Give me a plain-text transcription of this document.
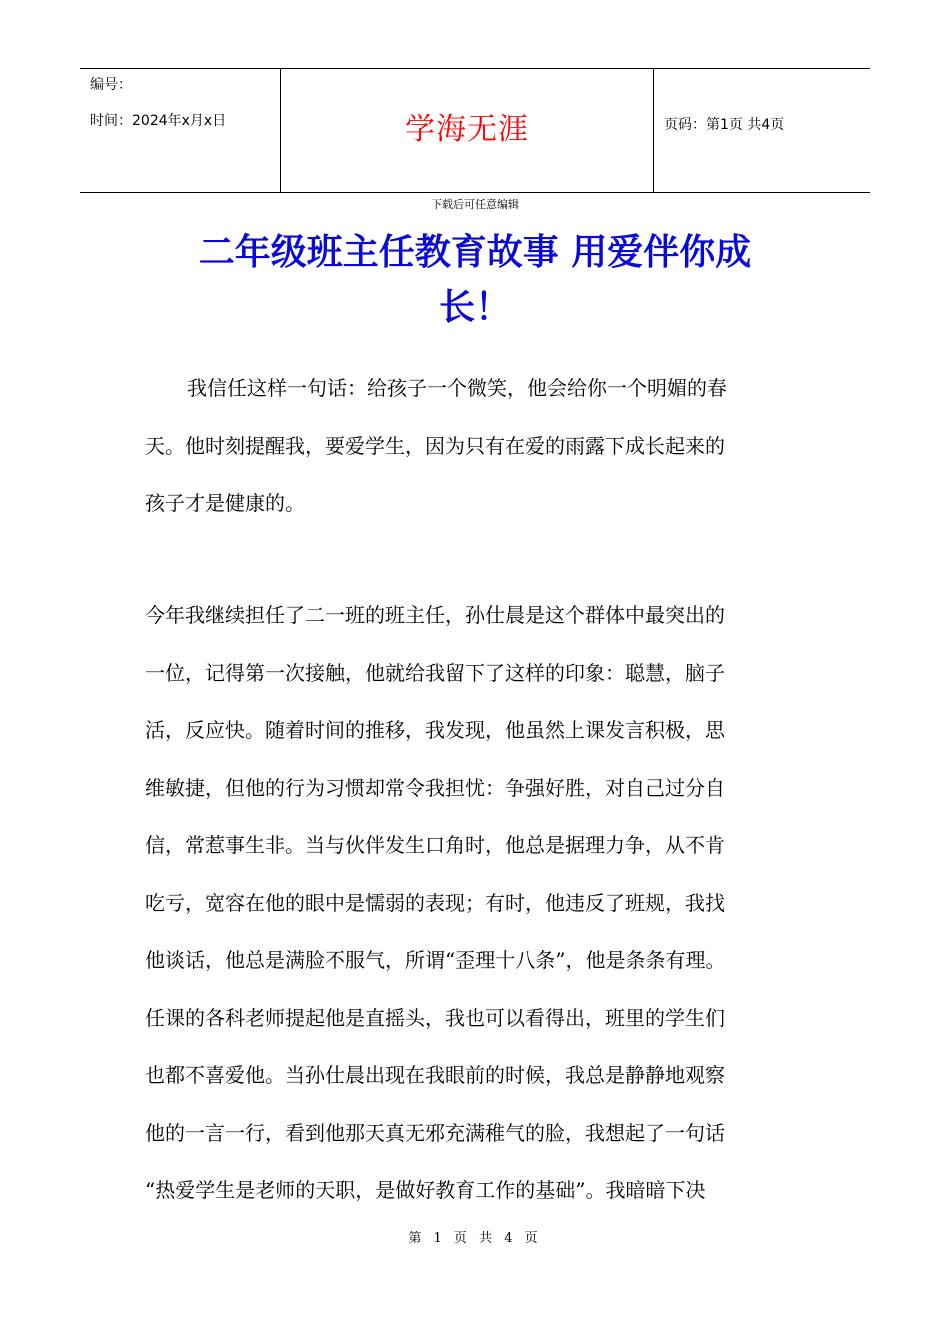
编号：
时间：2024年x月x日	学海无涯	页码：第1页 共4页
下载后可任意编辑
二年级班主任教育故事 用爱伴你成
长！

我信任这样一句话：给孩子一个微笑，他会给你一个明媚的春
天。他时刻提醒我，要爱学生，因为只有在爱的雨露下成长起来的
孩子才是健康的。

今年我继续担任了二一班的班主任，孙仕晨是这个群体中最突出的
一位，记得第一次接触，他就给我留下了这样的印象：聪慧，脑子
活，反应快。随着时间的推移，我发现，他虽然上课发言积极，思
维敏捷，但他的行为习惯却常令我担忧：争强好胜，对自己过分自
信，常惹事生非。当与伙伴发生口角时，他总是据理力争，从不肯
吃亏，宽容在他的眼中是懦弱的表现；有时，他违反了班规，我找
他谈话，他总是满脸不服气，所谓“歪理十八条”，他是条条有理。
任课的各科老师提起他是直摇头，我也可以看得出，班里的学生们
也都不喜爱他。当孙仕晨出现在我眼前的时候，我总是静静地观察
他的一言一行，看到他那天真无邪充满稚气的脸，我想起了一句话
“热爱学生是老师的天职，是做好教育工作的基础”。我暗暗下决

第 1 页 共 4 页
